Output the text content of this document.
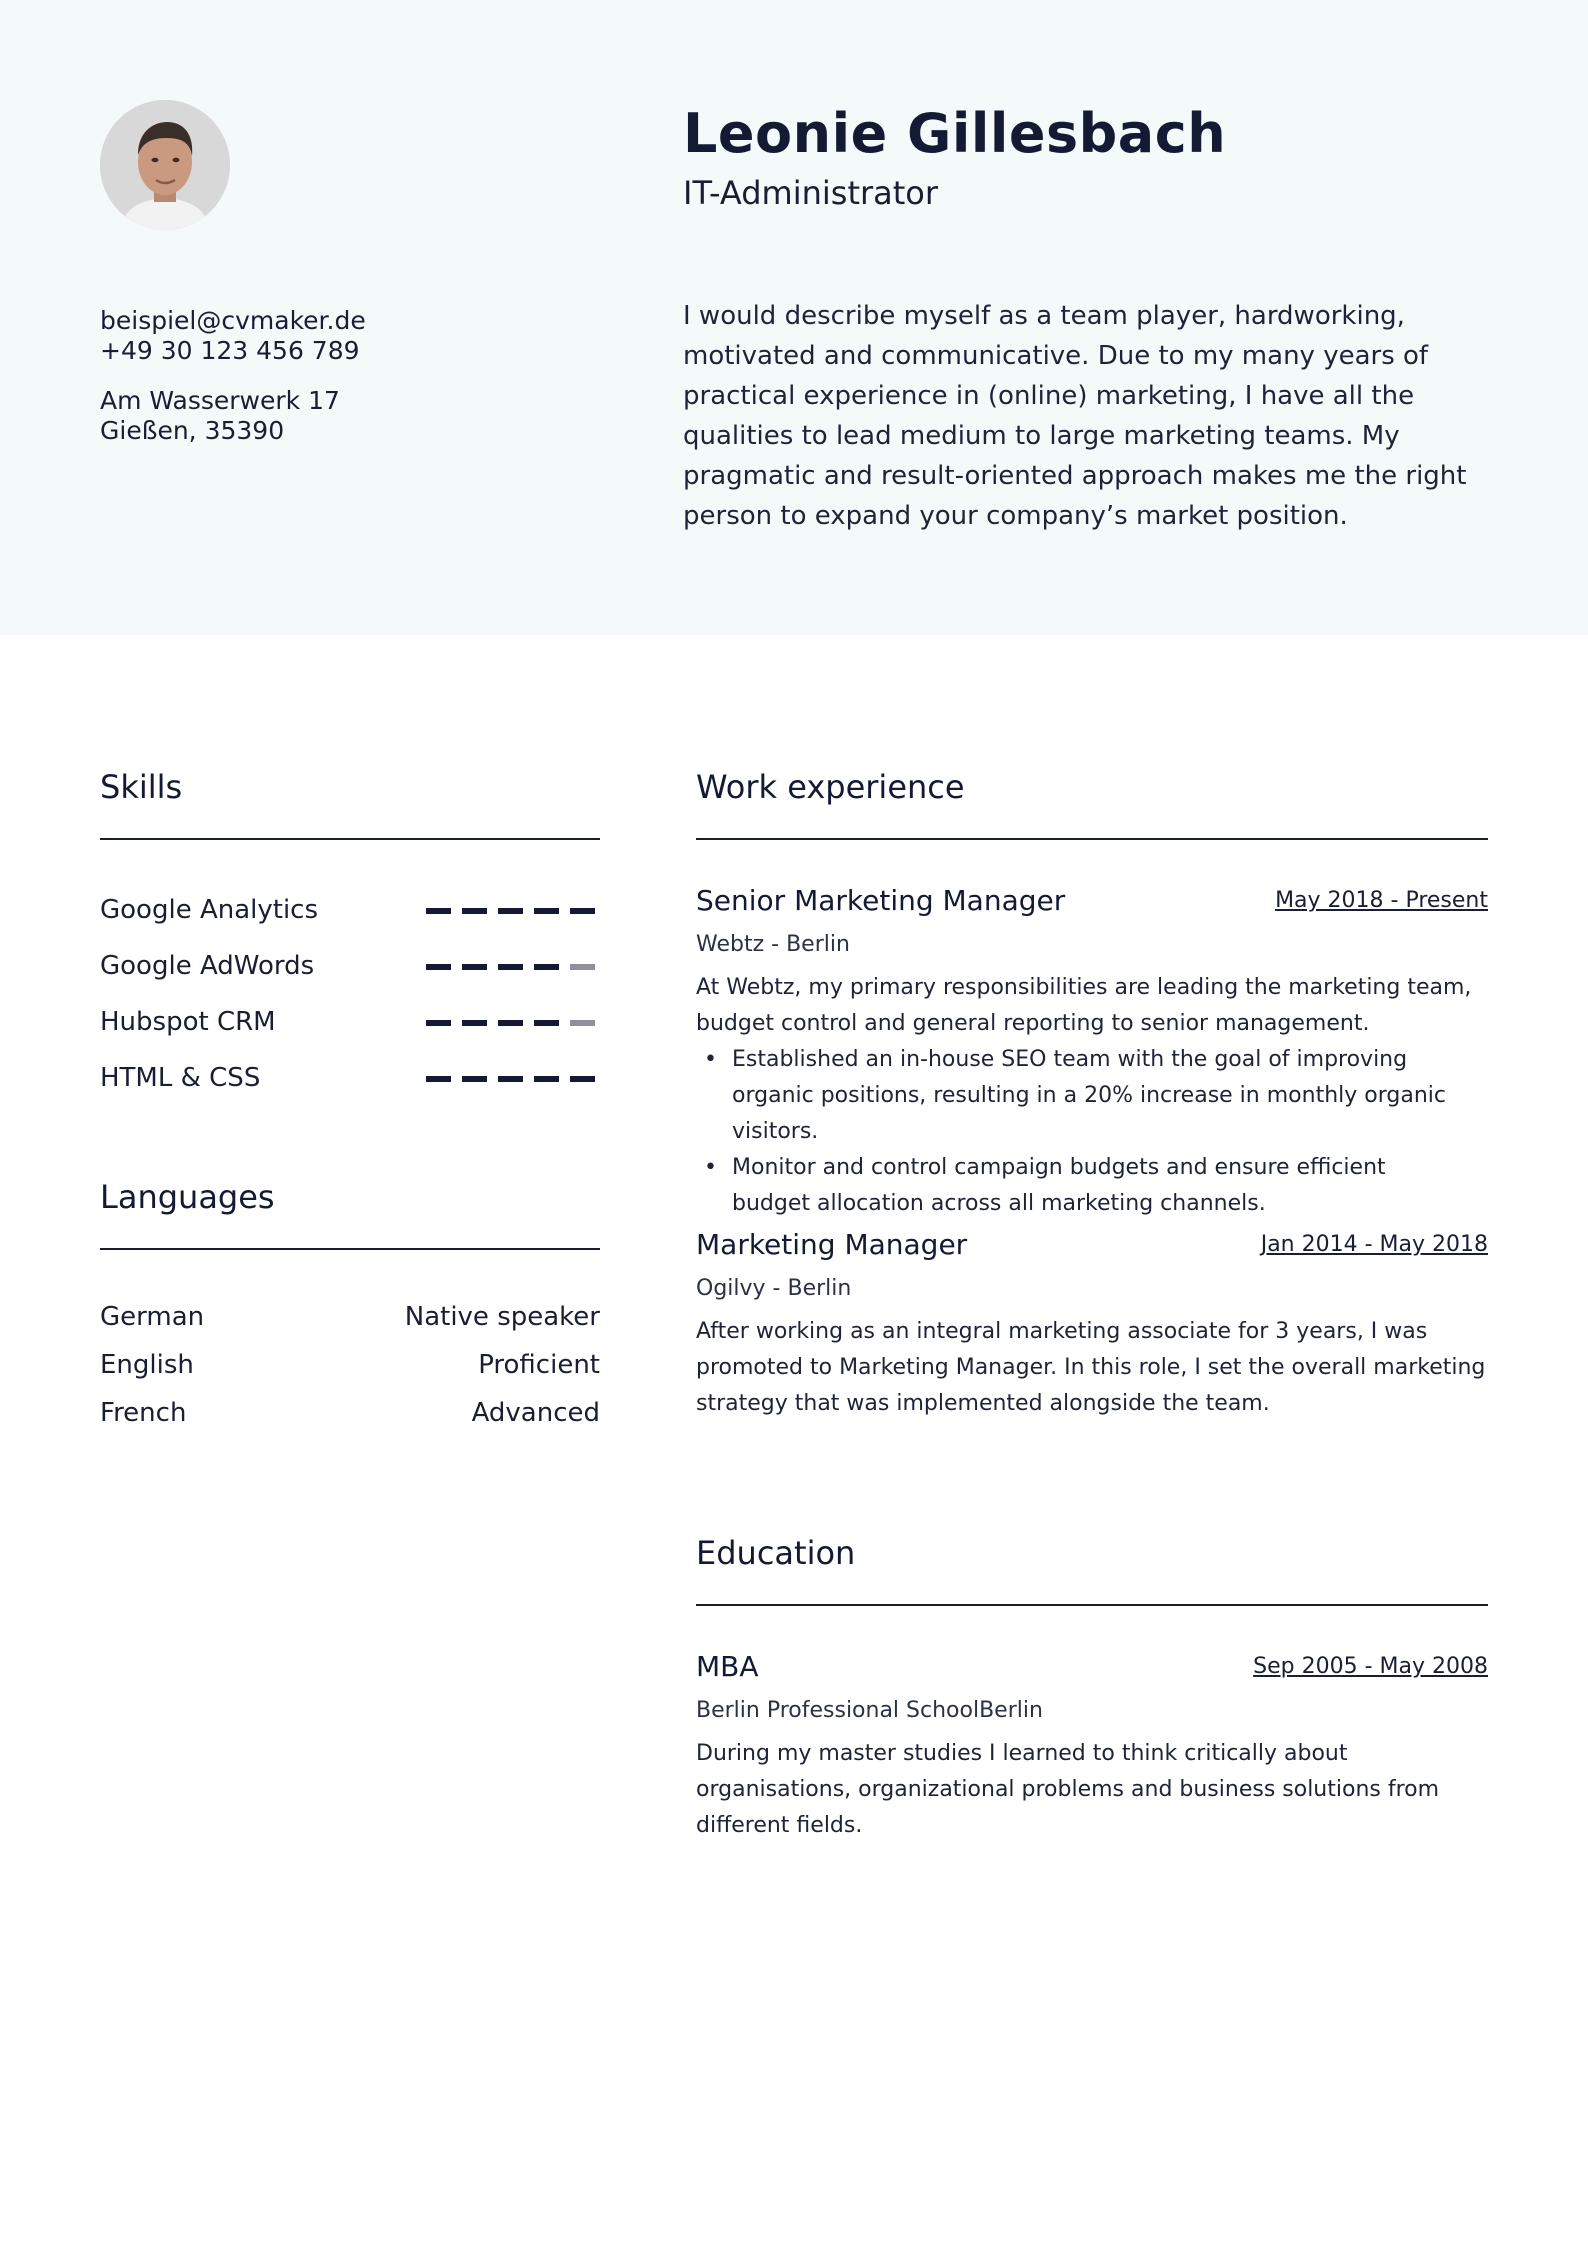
beispiel@cvmaker.de
+49 30 123 456 789
Am Wasserwerk 17
Gießen, 35390
Leonie Gillesbach
IT-Administrator
I would describe myself as a team player, hardworking, motivated and communicative. Due to my many years of practical experience in (online) marketing, I have all the qualities to lead medium to large marketing teams. My pragmatic and result-oriented approach makes me the right person to expand your company’s market position.
Skills
Google Analytics
Google AdWords
Hubspot CRM
HTML & CSS
Languages
German	Native speaker
English	Proficient
French	Advanced
Work experience
Senior Marketing Manager	May 2018 - Present
Webtz - Berlin
At Webtz, my primary responsibilities are leading the marketing team, budget control and general reporting to senior management.
• Established an in-house SEO team with the goal of improving organic positions, resulting in a 20% increase in monthly organic visitors.
• Monitor and control campaign budgets and ensure efficient budget allocation across all marketing channels.
Marketing Manager	Jan 2014 - May 2018
Ogilvy - Berlin
After working as an integral marketing associate for 3 years, I was promoted to Marketing Manager. In this role, I set the overall marketing strategy that was implemented alongside the team.
Education
MBA	Sep 2005 - May 2008
Berlin Professional SchoolBerlin
During my master studies I learned to think critically about organisations, organizational problems and business solutions from different fields.
